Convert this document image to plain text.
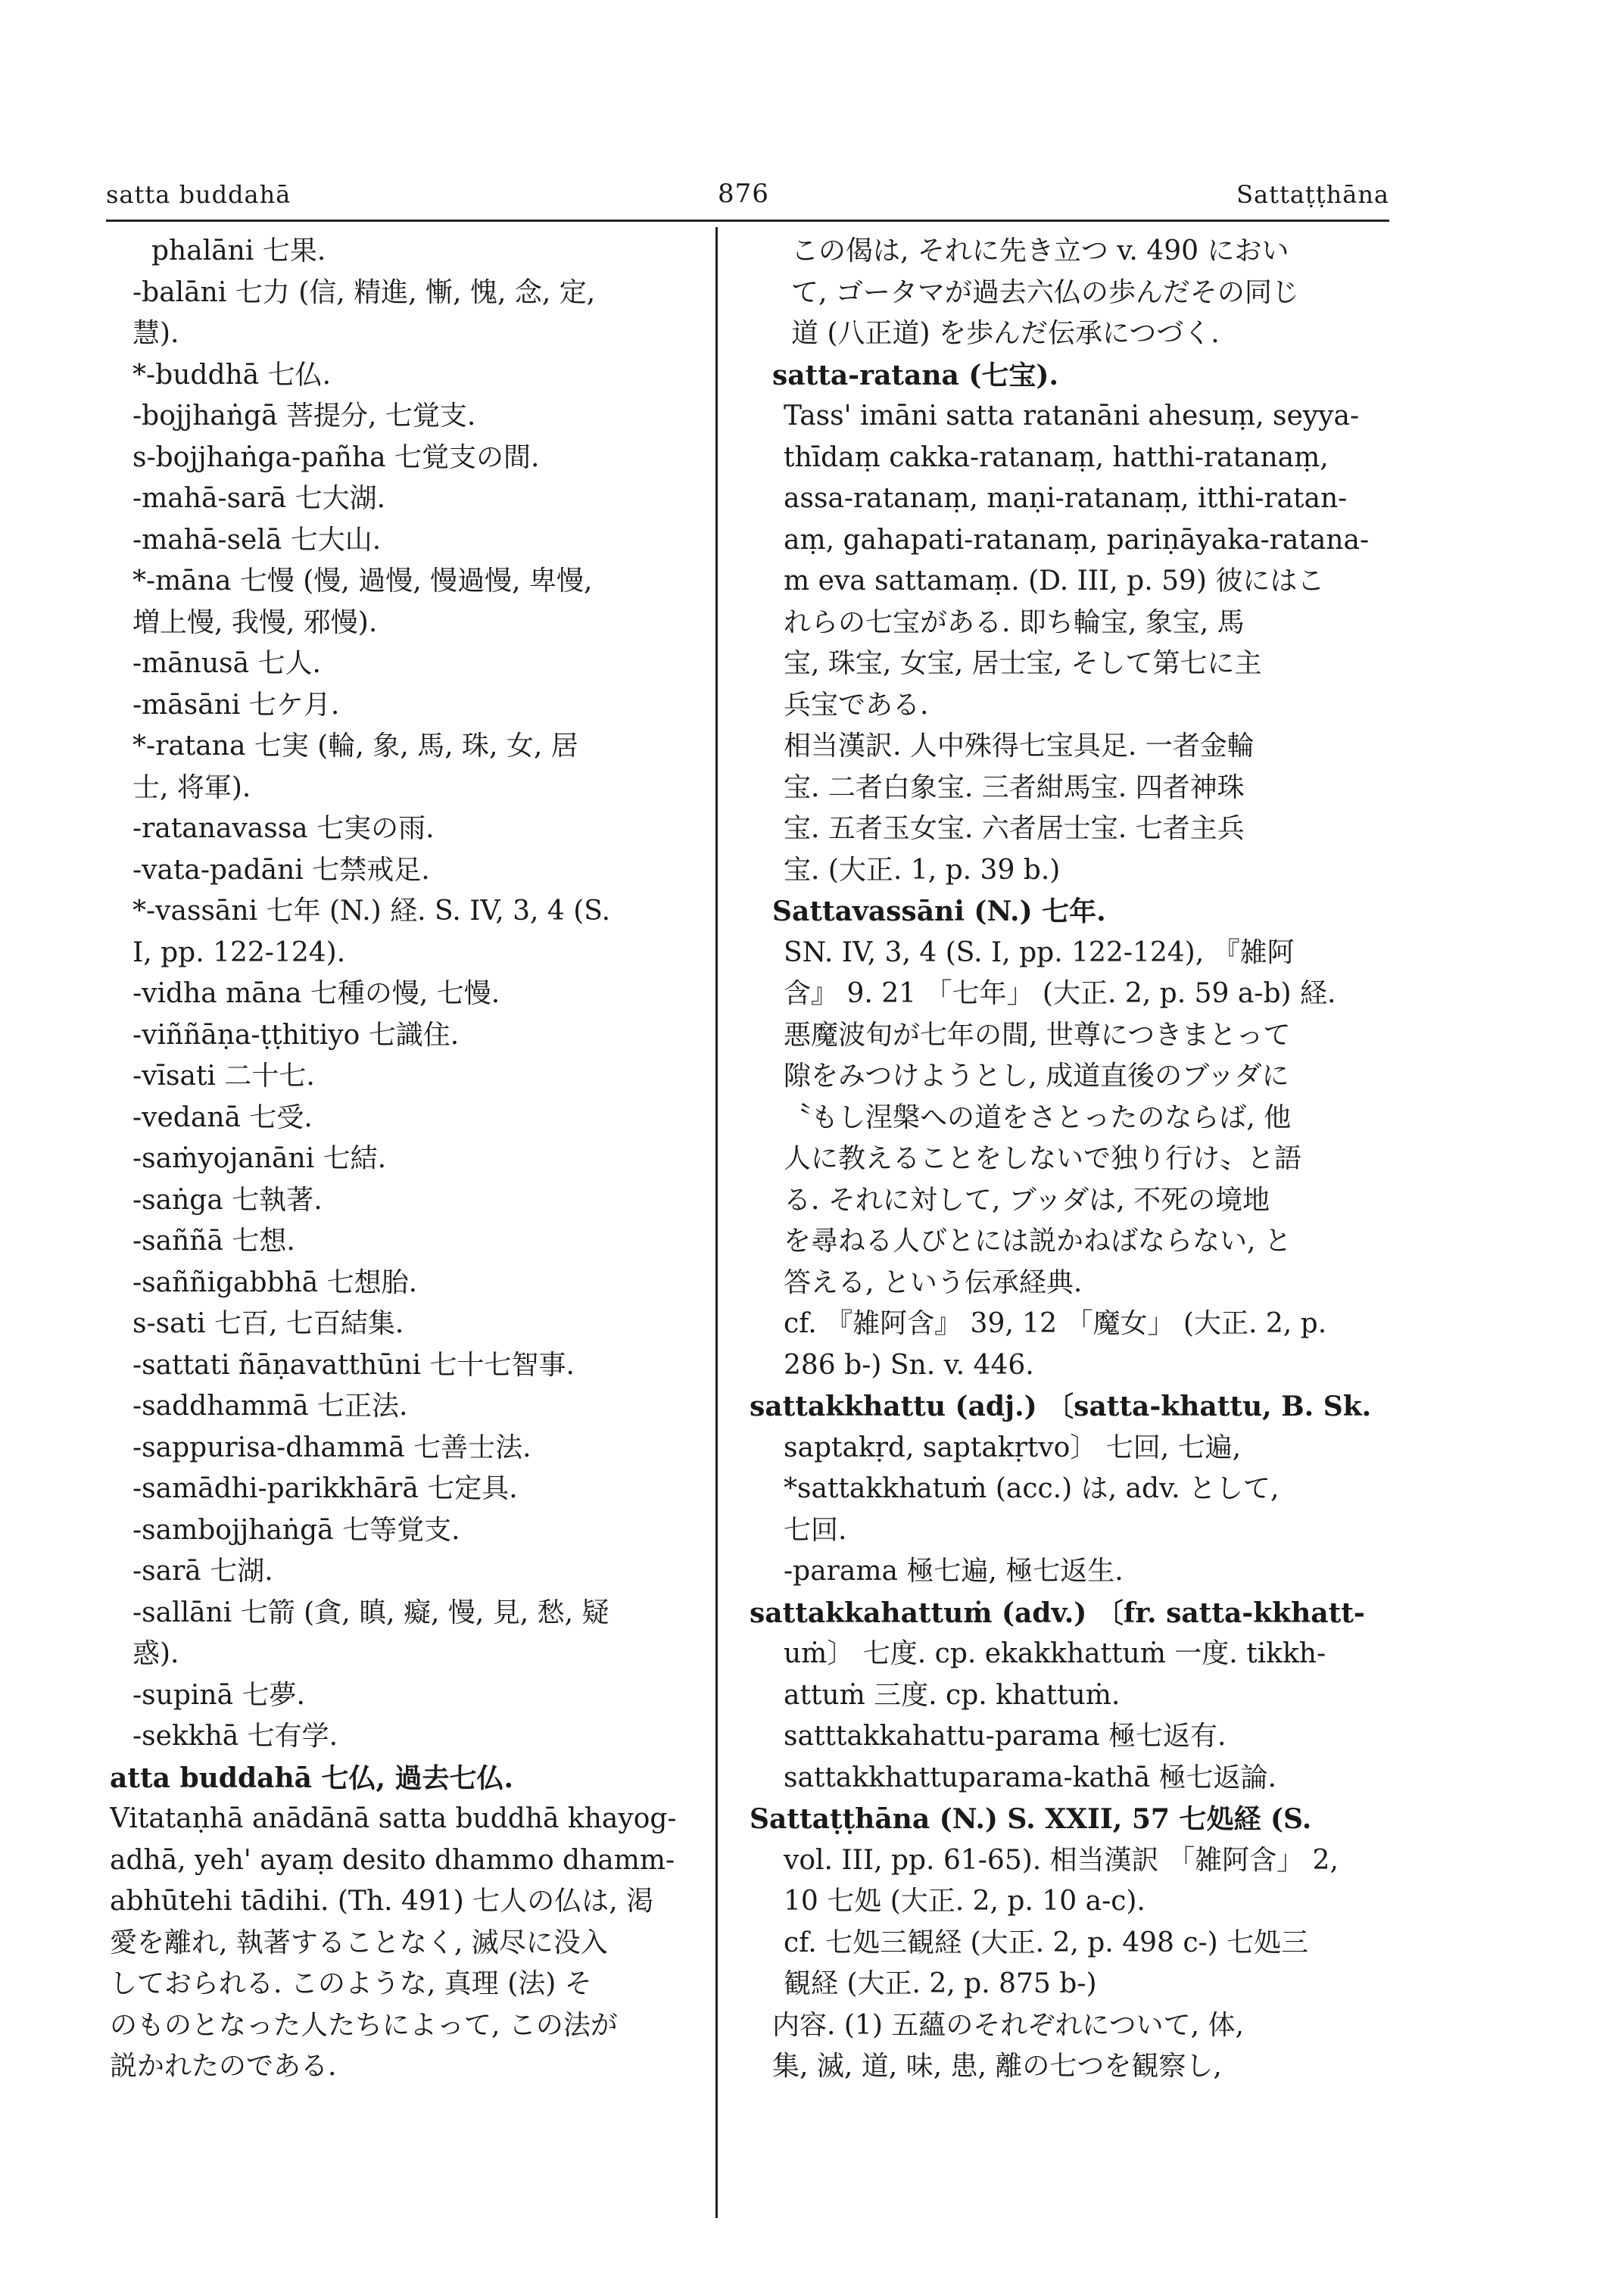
satta buddahā	876	Sattaṭṭhāna
phalāni 七果.
-balāni 七力 (信, 精進, 慚, 愧, 念, 定,
慧).
*-buddhā 七仏.
-bojjhaṅgā 菩提分, 七覚支.
s-bojjhaṅga-pañha 七覚支の間.
-mahā-sarā 七大湖.
-mahā-selā 七大山.
*-māna 七慢 (慢, 過慢, 慢過慢, 卑慢,
増上慢, 我慢, 邪慢).
-mānusā 七人.
-māsāni 七ケ月.
*-ratana 七実 (輪, 象, 馬, 珠, 女, 居
士, 将軍).
-ratanavassa 七実の雨.
-vata-padāni 七禁戒足.
*-vassāni 七年 (N.) 経. S. IV, 3, 4 (S.
I, pp. 122-124).
-vidha māna 七種の慢, 七慢.
-viññāṇa-ṭṭhitiyo 七識住.
-vīsati 二十七.
-vedanā 七受.
-saṁyojanāni 七結.
-saṅga 七執著.
-saññā 七想.
-saññigabbhā 七想胎.
s-sati 七百, 七百結集.
-sattati ñāṇavatthūni 七十七智事.
-saddhammā 七正法.
-sappurisa-dhammā 七善士法.
-samādhi-parikkhārā 七定具.
-sambojjhaṅgā 七等覚支.
-sarā 七湖.
-sallāni 七箭 (貪, 瞋, 癡, 慢, 見, 愁, 疑
惑).
-supinā 七夢.
-sekkhā 七有学.
atta buddahā 七仏, 過去七仏.
Vitataṇhā anādānā satta buddhā khayog-
adhā, yeh' ayaṃ desito dhammo dhamm-
abhūtehi tādihi. (Th. 491) 七人の仏は, 渇
愛を離れ, 執著することなく, 滅尽に没入
しておられる. このような, 真理 (法) そ
のものとなった人たちによって, この法が
説かれたのである.
この偈は, それに先き立つ v. 490 におい
て, ゴータマが過去六仏の歩んだその同じ
道 (八正道) を歩んだ伝承につづく.
satta-ratana (七宝).
Tass' imāni satta ratanāni ahesuṃ, seyya-
thīdaṃ cakka-ratanaṃ, hatthi-ratanaṃ,
assa-ratanaṃ, maṇi-ratanaṃ, itthi-ratan-
aṃ, gahapati-ratanaṃ, pariṇāyaka-ratana-
m eva sattamaṃ. (D. III, p. 59) 彼にはこ
れらの七宝がある. 即ち輪宝, 象宝, 馬
宝, 珠宝, 女宝, 居士宝, そして第七に主
兵宝である.
相当漢訳. 人中殊得七宝具足. 一者金輪
宝. 二者白象宝. 三者紺馬宝. 四者神珠
宝. 五者玉女宝. 六者居士宝. 七者主兵
宝. (大正. 1, p. 39 b.)
Sattavassāni (N.) 七年.
SN. IV, 3, 4 (S. I, pp. 122-124), 『雑阿
含』 9. 21 「七年」 (大正. 2, p. 59 a-b) 経.
悪魔波旬が七年の間, 世尊につきまとって
隙をみつけようとし, 成道直後のブッダに
〝もし涅槃への道をさとったのならば, 他
人に教えることをしないで独り行け〟と語
る. それに対して, ブッダは, 不死の境地
を尋ねる人びとには説かねばならない, と
答える, という伝承経典.
cf. 『雑阿含』 39, 12 「魔女」 (大正. 2, p.
286 b-) Sn. v. 446.
sattakkhattu (adj.) 〔satta-khattu, B. Sk.
saptakṛd, saptakṛtvo〕 七回, 七遍,
*sattakkhatuṁ (acc.) は, adv. として,
七回.
-parama 極七遍, 極七返生.
sattakkahattuṁ (adv.) 〔fr. satta-kkhatt-
uṁ〕 七度. cp. ekakkhattuṁ 一度. tikkh-
attuṁ 三度. cp. khattuṁ.
satttakkahattu-parama 極七返有.
sattakkhattuparama-kathā 極七返論.
Sattaṭṭhāna (N.) S. XXII, 57 七処経 (S.
vol. III, pp. 61-65). 相当漢訳 「雑阿含」 2,
10 七処 (大正. 2, p. 10 a-c).
cf. 七処三観経 (大正. 2, p. 498 c-) 七処三
観経 (大正. 2, p. 875 b-)
内容. (1) 五蘊のそれぞれについて, 体,
集, 滅, 道, 味, 患, 離の七つを観察し,
